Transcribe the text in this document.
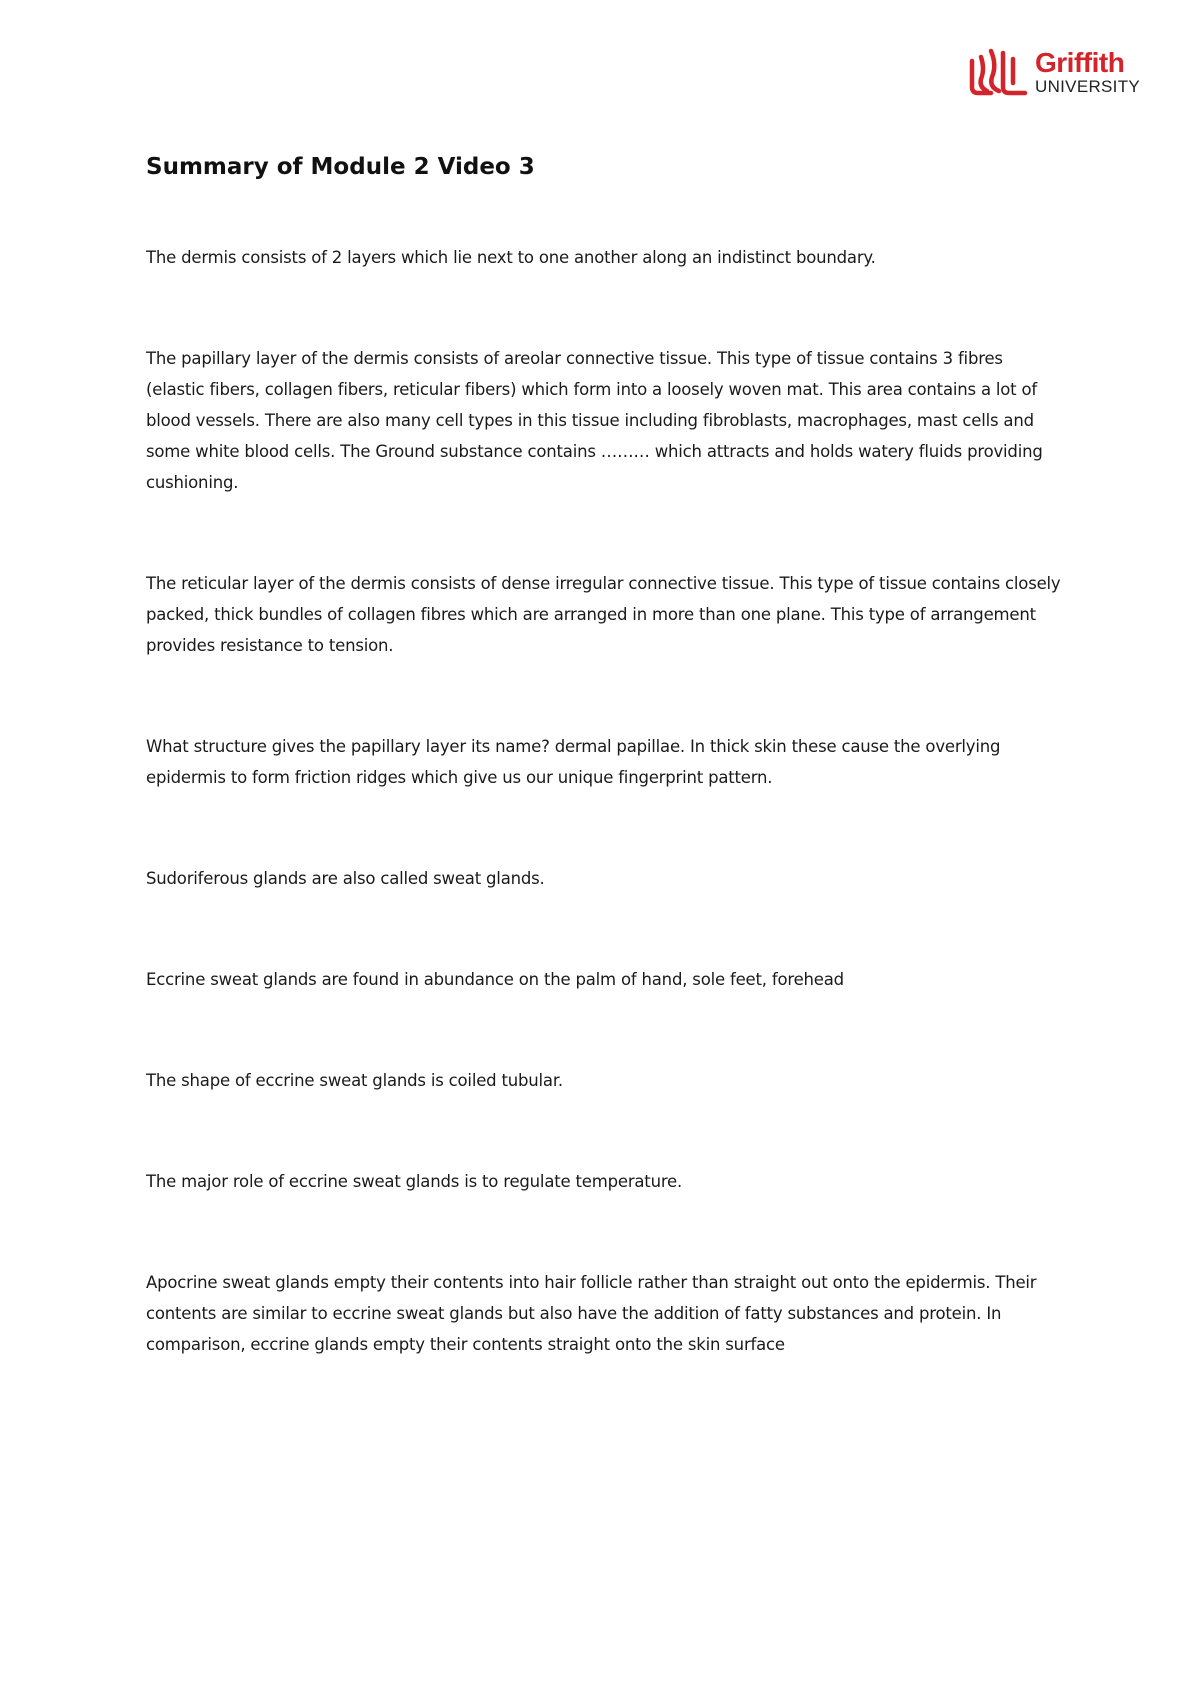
Griffith
UNIVERSITY
Summary of Module 2 Video 3

The dermis consists of 2 layers which lie next to one another along an indistinct boundary.

The papillary layer of the dermis consists of areolar connective tissue. This type of tissue contains 3 fibres (elastic fibers, collagen fibers, reticular fibers) which form into a loosely woven mat. This area contains a lot of blood vessels. There are also many cell types in this tissue including fibroblasts, macrophages, mast cells and some white blood cells. The Ground substance contains ……… which attracts and holds watery fluids providing cushioning.

The reticular layer of the dermis consists of dense irregular connective tissue. This type of tissue contains closely packed, thick bundles of collagen fibres which are arranged in more than one plane. This type of arrangement provides resistance to tension.

What structure gives the papillary layer its name? dermal papillae. In thick skin these cause the overlying epidermis to form friction ridges which give us our unique fingerprint pattern.

Sudoriferous glands are also called sweat glands.

Eccrine sweat glands are found in abundance on the palm of hand, sole feet, forehead

The shape of eccrine sweat glands is coiled tubular.

The major role of eccrine sweat glands is to regulate temperature.

Apocrine sweat glands empty their contents into hair follicle rather than straight out onto the epidermis. Their contents are similar to eccrine sweat glands but also have the addition of fatty substances and protein. In comparison, eccrine glands empty their contents straight onto the skin surface
